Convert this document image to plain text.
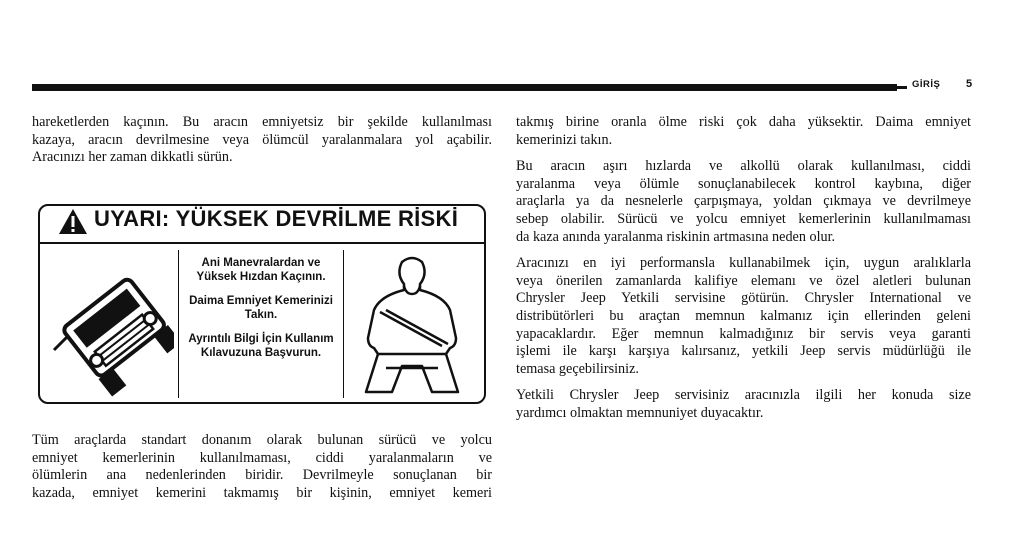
GİRİŞ 5

hareketlerden kaçının. Bu aracın emniyetsiz bir şekilde kullanılması
kazaya, aracın devrilmesine veya ölümcül yaralanmalara yol açabilir.
Aracınızı her zaman dikkatli sürün.

UYARI: YÜKSEK DEVRİLME RİSKİ
Ani Manevralardan ve
Yüksek Hızdan Kaçının.
Daima Emniyet Kemerinizi
Takın.
Ayrıntılı Bilgi İçin Kullanım
Kılavuzuna Başvurun.

Tüm araçlarda standart donanım olarak bulunan sürücü ve yolcu
emniyet kemerlerinin kullanılmaması, ciddi yaralanmaların ve
ölümlerin ana nedenlerinden biridir. Devrilmeyle sonuçlanan bir
kazada, emniyet kemerini takmamış bir kişinin, emniyet kemeri

takmış birine oranla ölme riski çok daha yüksektir. Daima emniyet
kemerinizi takın.

Bu aracın aşırı hızlarda ve alkollü olarak kullanılması, ciddi
yaralanma veya ölümle sonuçlanabilecek kontrol kaybına, diğer
araçlarla ya da nesnelerle çarpışmaya, yoldan çıkmaya ve devrilmeye
sebep olabilir. Sürücü ve yolcu emniyet kemerlerinin kullanılmaması
da kaza anında yaralanma riskinin artmasına neden olur.

Aracınızı en iyi performansla kullanabilmek için, uygun aralıklarla
veya önerilen zamanlarda kalifiye elemanı ve özel aletleri bulunan
Chrysler Jeep Yetkili servisine götürün. Chrysler International ve
distribütörleri bu araçtan memnun kalmanız için ellerinden geleni
yapacaklardır. Eğer memnun kalmadığınız bir servis veya garanti
işlemi ile karşı karşıya kalırsanız, yetkili Jeep servis müdürlüğü ile
temasa geçebilirsiniz.

Yetkili Chrysler Jeep servisiniz aracınızla ilgili her konuda size
yardımcı olmaktan memnuniyet duyacaktır.
